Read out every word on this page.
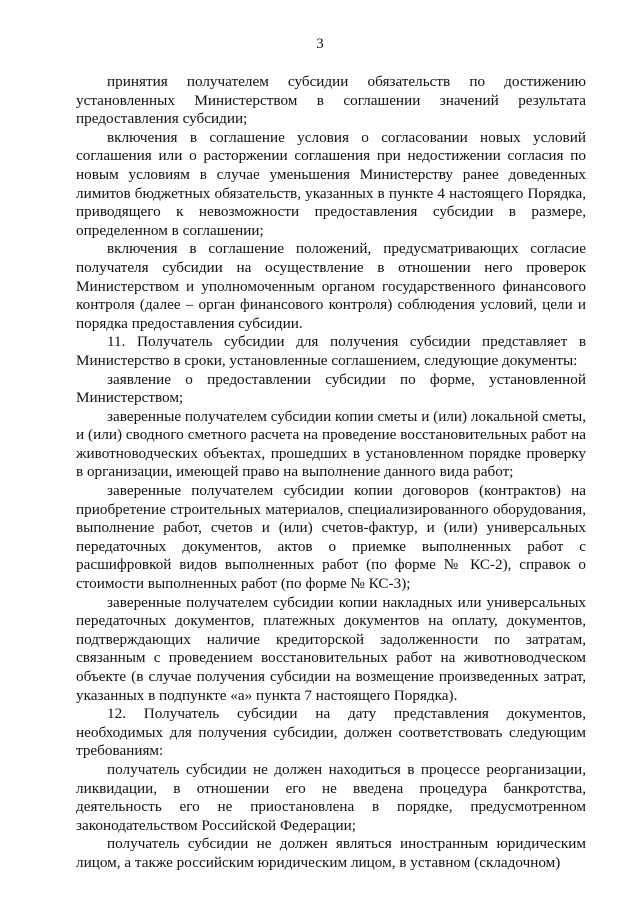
3

принятия получателем субсидии обязательств по достижению установленных Министерством в соглашении значений результата предоставления субсидии;

включения в соглашение условия о согласовании новых условий соглашения или о расторжении соглашения при недостижении согласия по новым условиям в случае уменьшения Министерству ранее доведенных лимитов бюджетных обязательств, указанных в пункте 4 настоящего Порядка, приводящего к невозможности предоставления субсидии в размере, определенном в соглашении;

включения в соглашение положений, предусматривающих согласие получателя субсидии на осуществление в отношении него проверок Министерством и уполномоченным органом государственного финансового контроля (далее – орган финансового контроля) соблюдения условий, цели и порядка предоставления субсидии.

11. Получатель субсидии для получения субсидии представляет в Министерство в сроки, установленные соглашением, следующие документы:

заявление о предоставлении субсидии по форме, установленной Министерством;

заверенные получателем субсидии копии сметы и (или) локальной сметы, и (или) сводного сметного расчета на проведение восстановительных работ на животноводческих объектах, прошедших в установленном порядке проверку в организации, имеющей право на выполнение данного вида работ;

заверенные получателем субсидии копии договоров (контрактов) на приобретение строительных материалов, специализированного оборудования, выполнение работ, счетов и (или) счетов-фактур, и (или) универсальных передаточных документов, актов о приемке выполненных работ с расшифровкой видов выполненных работ (по форме № КС-2), справок о стоимости выполненных работ (по форме № КС-3);

заверенные получателем субсидии копии накладных или универсальных передаточных документов, платежных документов на оплату, документов, подтверждающих наличие кредиторской задолженности по затратам, связанным с проведением восстановительных работ на животноводческом объекте (в случае получения субсидии на возмещение произведенных затрат, указанных в подпункте «а» пункта 7 настоящего Порядка).

12. Получатель субсидии на дату представления документов, необходимых для получения субсидии, должен соответствовать следующим требованиям:

получатель субсидии не должен находиться в процессе реорганизации, ликвидации, в отношении его не введена процедура банкротства, деятельность его не приостановлена в порядке, предусмотренном законодательством Российской Федерации;

получатель субсидии не должен являться иностранным юридическим лицом, а также российским юридическим лицом, в уставном (складочном)
